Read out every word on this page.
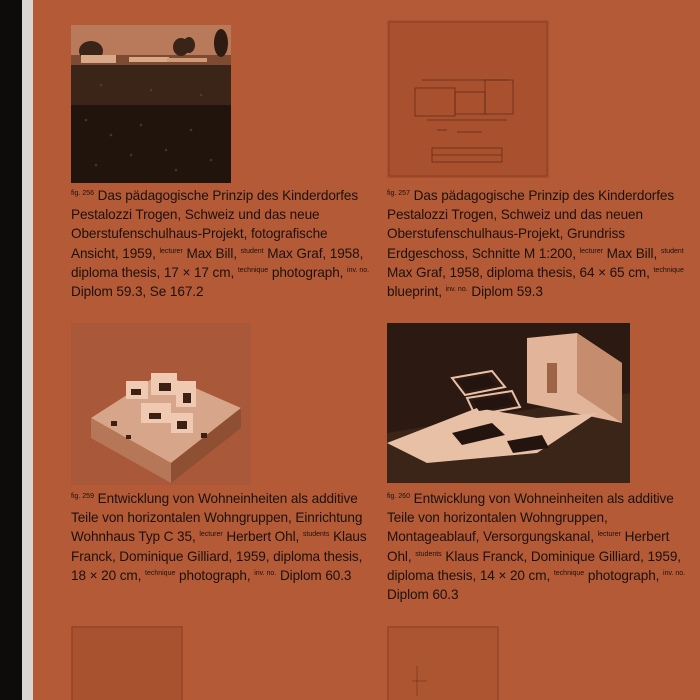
$^{fig. 256}$ Das pädagogische Prinzip des Kinderdorfes Pestalozzi Trogen, Schweiz und das neue Oberstufenschulhaus-Projekt, fotografische Ansicht, 1959, $^{lecturer}$ Max Bill, $^{student}$ Max Graf, 1958, diploma thesis, 17 × 17 cm, $^{technique}$ photograph, $^{inv. no.}$ Diplom 59.3, Se 167.2
$^{fig. 257}$ Das pädagogische Prinzip des Kinderdorfes Pestalozzi Trogen, Schweiz und das neuen Oberstufenschulhaus-Projekt, Grundriss Erdgeschoss, Schnitte M 1:200, $^{lecturer}$ Max Bill, $^{student}$ Max Graf, 1958, diploma thesis, 64 × 65 cm, $^{technique}$ blueprint, $^{inv. no.}$ Diplom 59.3
$^{fig. 259}$ Entwicklung von Wohneinheiten als additive Teile von horizontalen Wohngruppen, Einrichtung Wohnhaus Typ C 35, $^{lecturer}$ Herbert Ohl, $^{students}$ Klaus Franck, Dominique Gilliard, 1959, diploma thesis, 18 × 20 cm, $^{technique}$ photograph, $^{inv. no.}$ Diplom 60.3
$^{fig. 260}$ Entwicklung von Wohneinheiten als additive Teile von horizontalen Wohngruppen, Montageablauf, Versorgungskanal, $^{lecturer}$ Herbert Ohl, $^{students}$ Klaus Franck, Dominique Gilliard, 1959, diploma thesis, 14 × 20 cm, $^{technique}$ photograph, $^{inv. no.}$ Diplom 60.3
